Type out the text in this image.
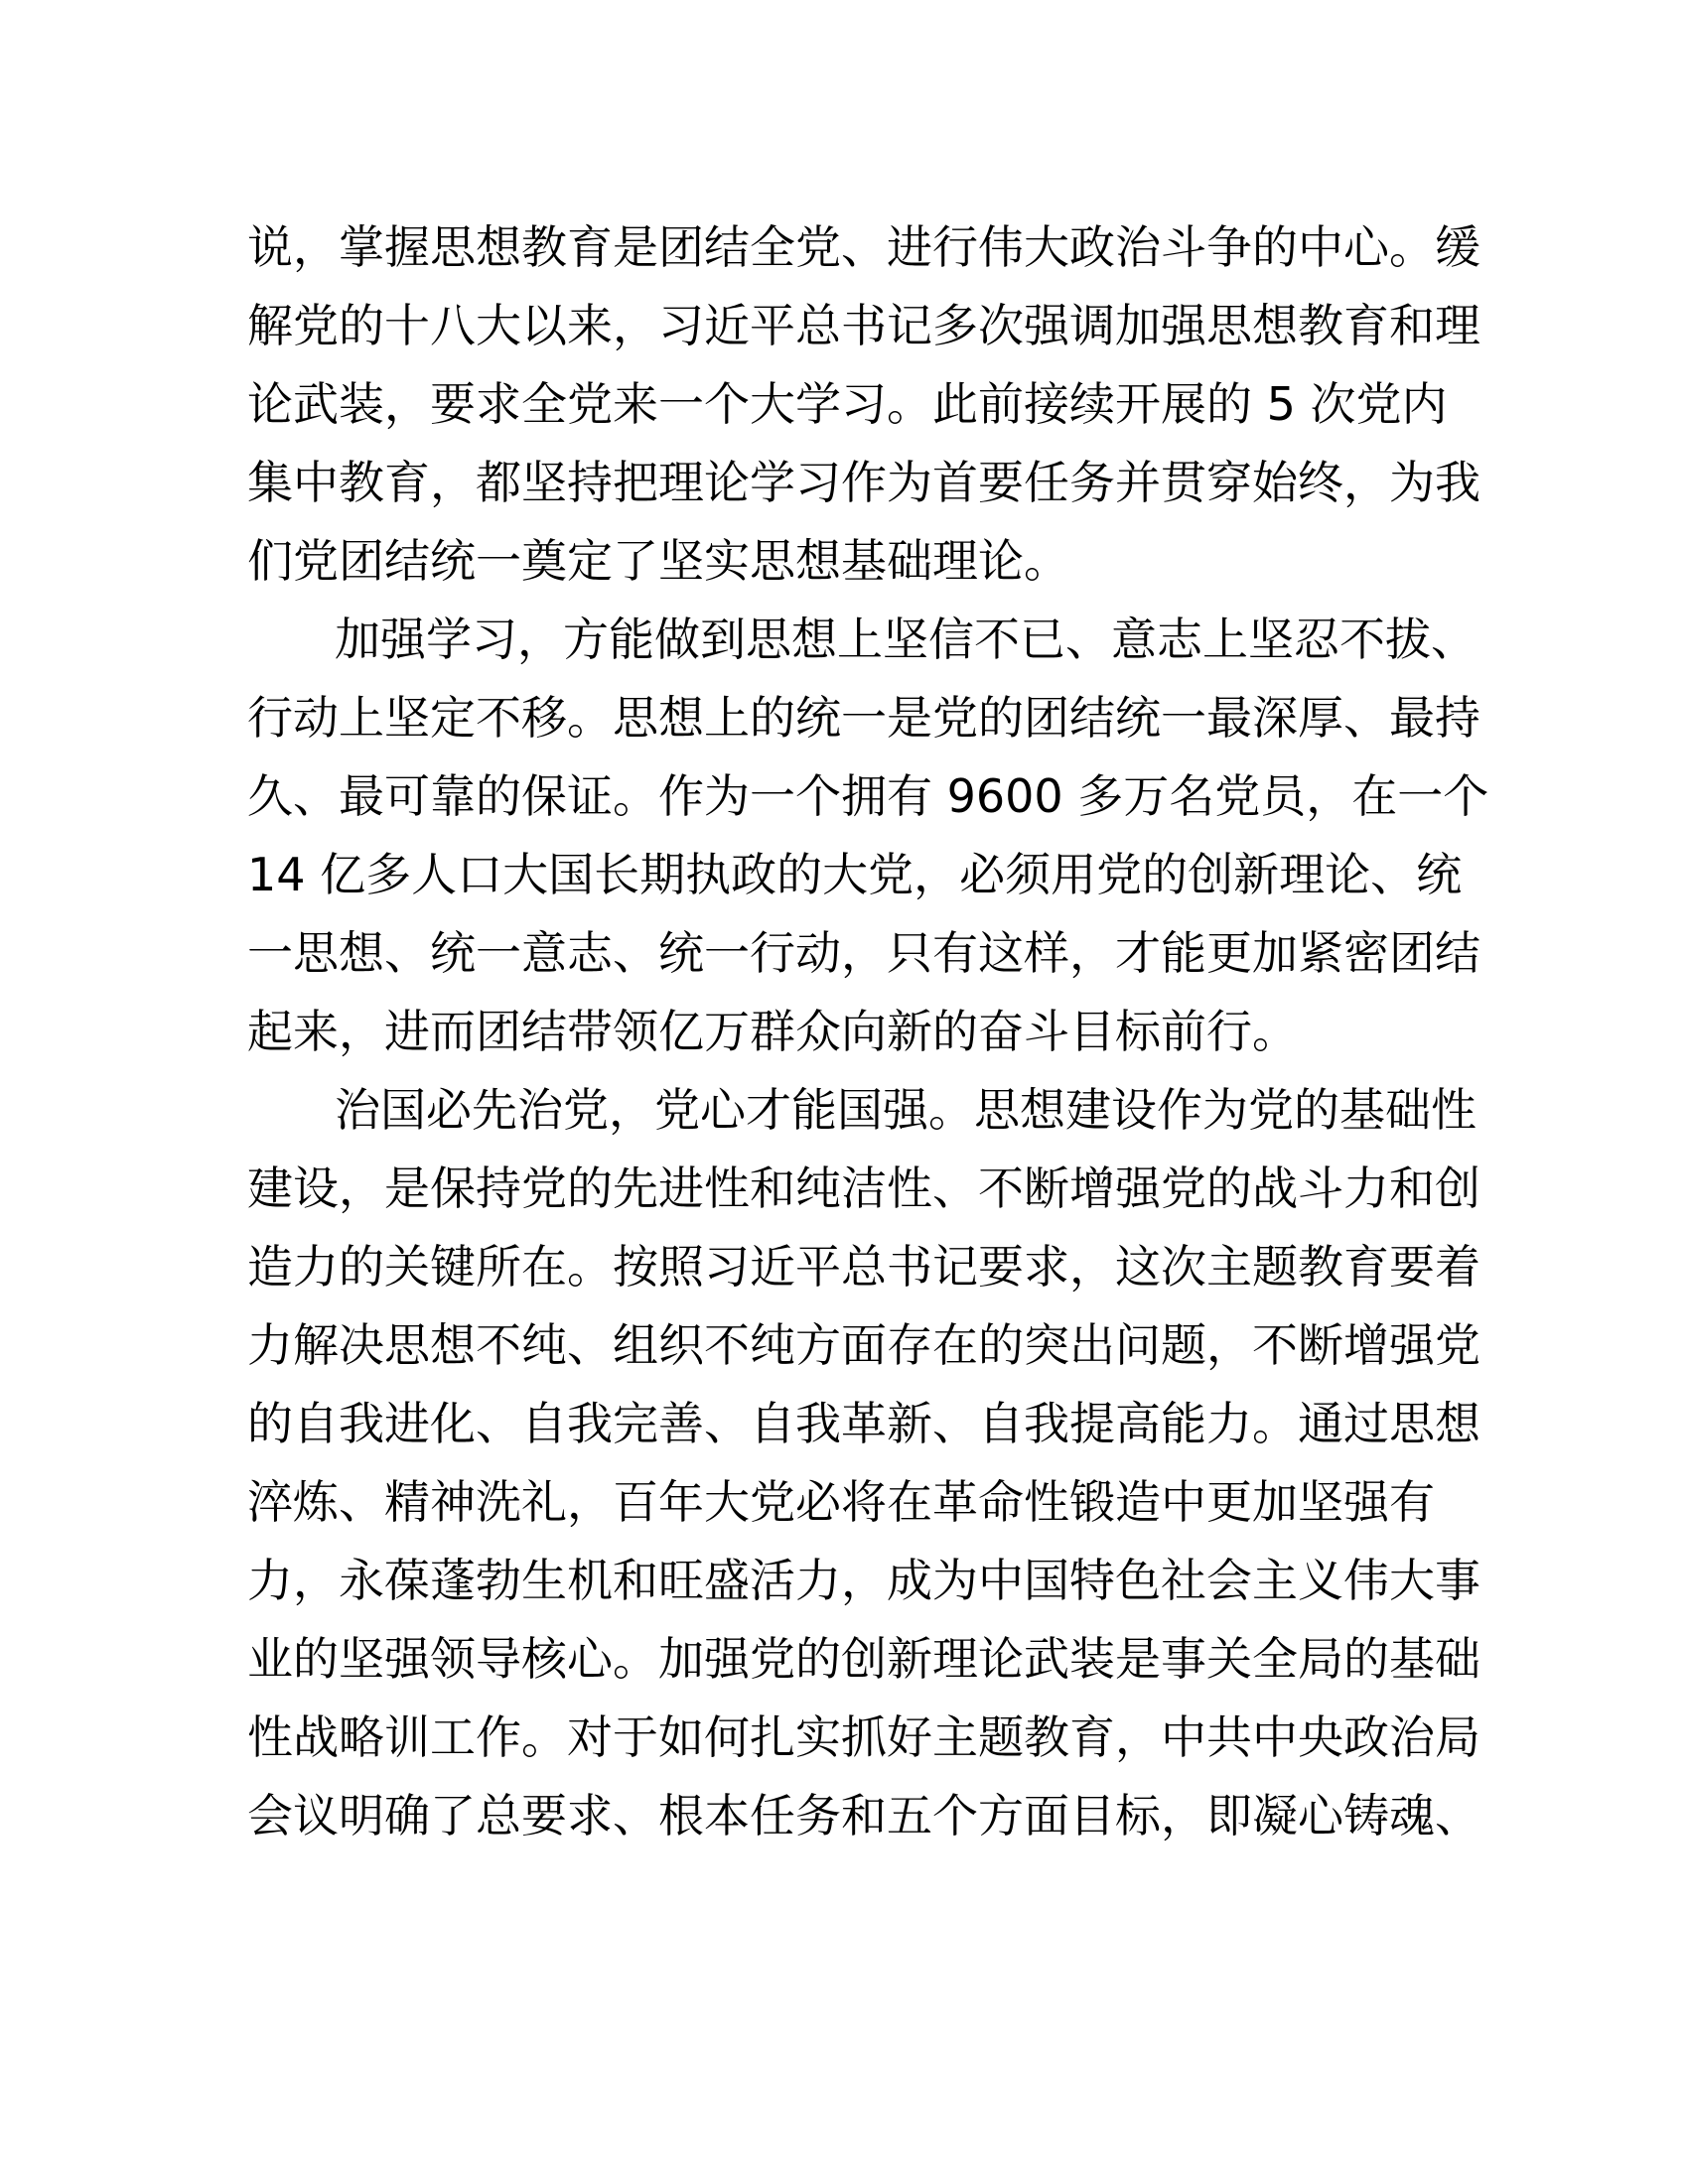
说，掌握思想教育是团结全党、进行伟大政治斗争的中心。缓
解党的十八大以来，习近平总书记多次强调加强思想教育和理
论武装，要求全党来一个大学习。此前接续开展的 5 次党内
集中教育，都坚持把理论学习作为首要任务并贯穿始终，为我
们党团结统一奠定了坚实思想基础理论。
加强学习，方能做到思想上坚信不已、意志上坚忍不拔、
行动上坚定不移。思想上的统一是党的团结统一最深厚、最持
久、最可靠的保证。作为一个拥有 9600 多万名党员，在一个
14 亿多人口大国长期执政的大党，必须用党的创新理论、统
一思想、统一意志、统一行动，只有这样，才能更加紧密团结
起来，进而团结带领亿万群众向新的奋斗目标前行。
治国必先治党，党心才能国强。思想建设作为党的基础性
建设，是保持党的先进性和纯洁性、不断增强党的战斗力和创
造力的关键所在。按照习近平总书记要求，这次主题教育要着
力解决思想不纯、组织不纯方面存在的突出问题，不断增强党
的自我进化、自我完善、自我革新、自我提高能力。通过思想
淬炼、精神洗礼，百年大党必将在革命性锻造中更加坚强有
力，永葆蓬勃生机和旺盛活力，成为中国特色社会主义伟大事
业的坚强领导核心。加强党的创新理论武装是事关全局的基础
性战略训工作。对于如何扎实抓好主题教育，中共中央政治局
会议明确了总要求、根本任务和五个方面目标，即凝心铸魂、
